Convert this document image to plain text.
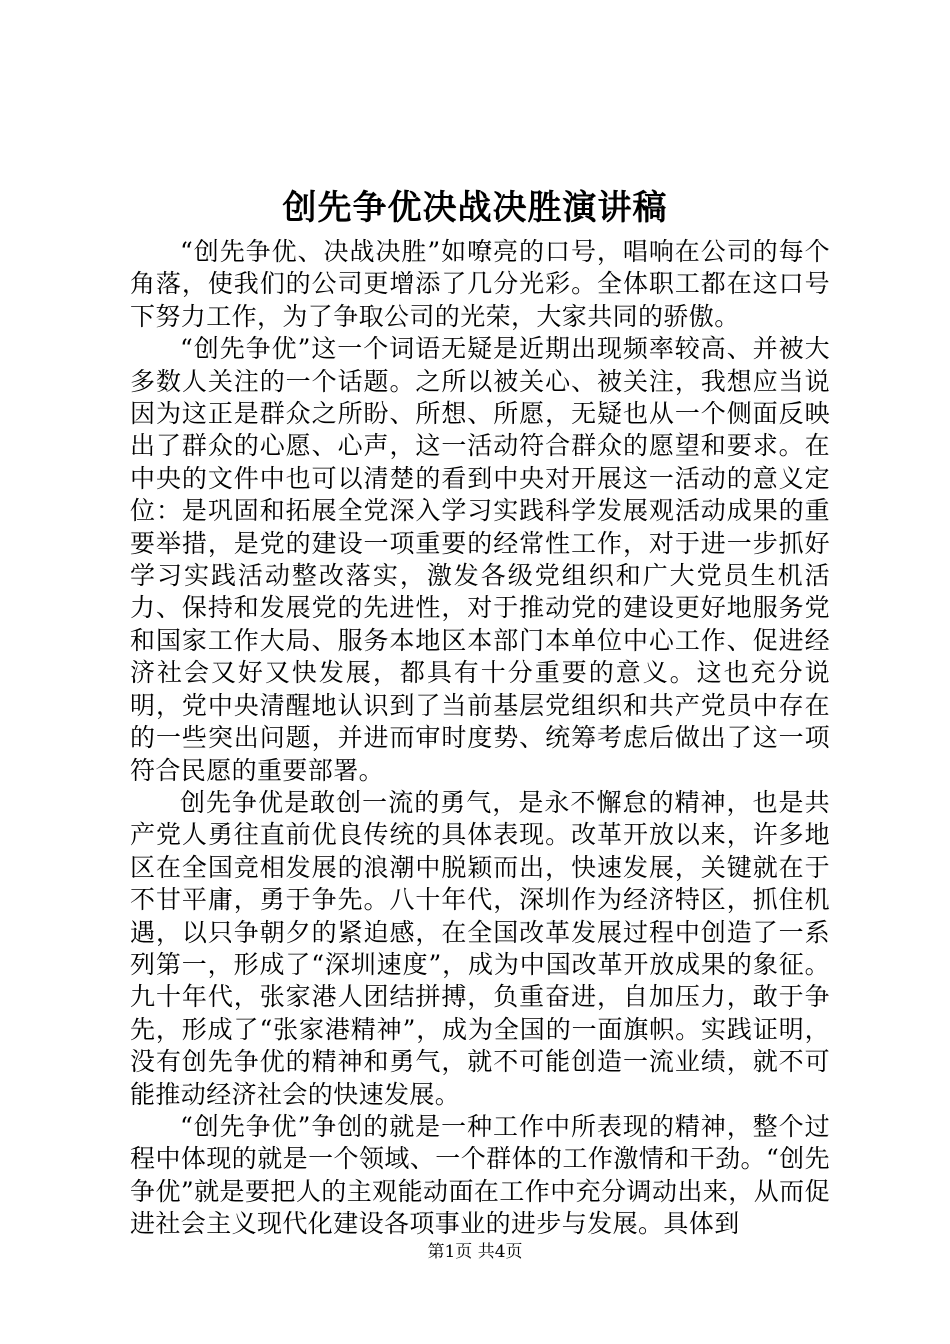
创先争优决战决胜演讲稿

“创先争优、决战决胜”如嘹亮的口号，唱响在公司的每个角落，使我们的公司更增添了几分光彩。全体职工都在这口号下努力工作，为了争取公司的光荣，大家共同的骄傲。

“创先争优”这一个词语无疑是近期出现频率较高、并被大多数人关注的一个话题。之所以被关心、被关注，我想应当说因为这正是群众之所盼、所想、所愿，无疑也从一个侧面反映出了群众的心愿、心声，这一活动符合群众的愿望和要求。在中央的文件中也可以清楚的看到中央对开展这一活动的意义定位：是巩固和拓展全党深入学习实践科学发展观活动成果的重要举措，是党的建设一项重要的经常性工作，对于进一步抓好学习实践活动整改落实，激发各级党组织和广大党员生机活力、保持和发展党的先进性，对于推动党的建设更好地服务党和国家工作大局、服务本地区本部门本单位中心工作、促进经济社会又好又快发展，都具有十分重要的意义。这也充分说明，党中央清醒地认识到了当前基层党组织和共产党员中存在的一些突出问题，并进而审时度势、统筹考虑后做出了这一项符合民愿的重要部署。

创先争优是敢创一流的勇气，是永不懈怠的精神，也是共产党人勇往直前优良传统的具体表现。改革开放以来，许多地区在全国竞相发展的浪潮中脱颖而出，快速发展，关键就在于不甘平庸，勇于争先。八十年代，深圳作为经济特区，抓住机遇，以只争朝夕的紧迫感，在全国改革发展过程中创造了一系列第一，形成了“深圳速度”，成为中国改革开放成果的象征。九十年代，张家港人团结拼搏，负重奋进，自加压力，敢于争先，形成了“张家港精神”，成为全国的一面旗帜。实践证明，没有创先争优的精神和勇气，就不可能创造一流业绩，就不可能推动经济社会的快速发展。

“创先争优”争创的就是一种工作中所表现的精神，整个过程中体现的就是一个领域、一个群体的工作激情和干劲。“创先争优”就是要把人的主观能动面在工作中充分调动出来，从而促进社会主义现代化建设各项事业的进步与发展。具体到

第1页 共4页
